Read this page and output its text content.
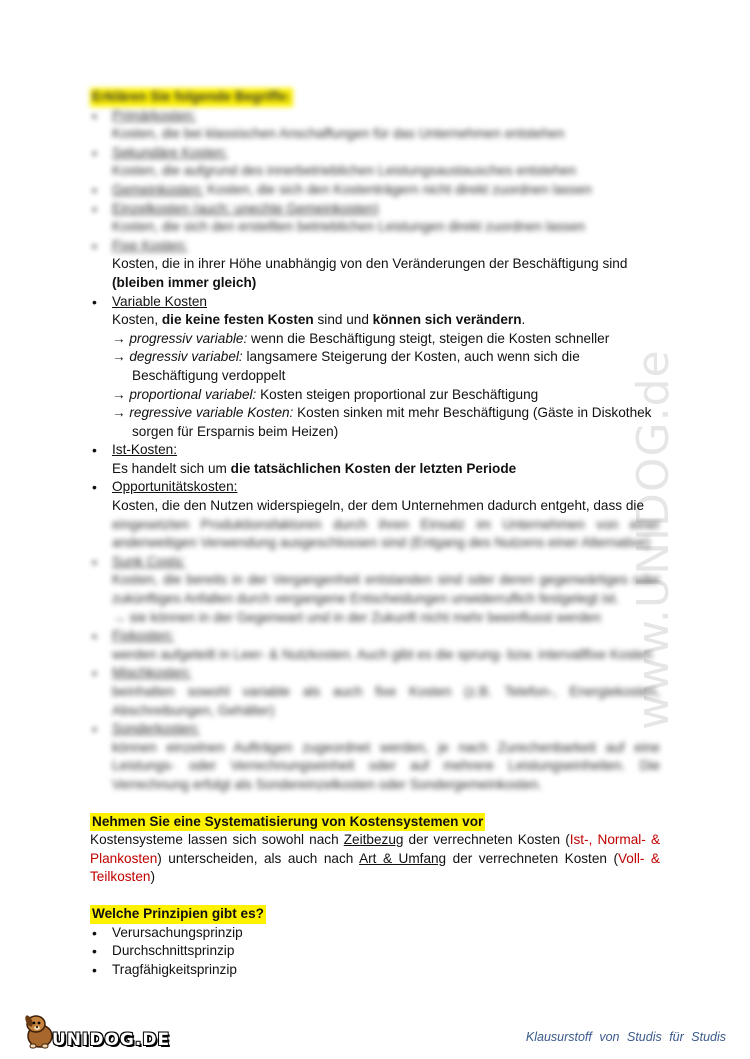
www.UNIDOG.de
Erklären Sie folgende Begriffe:
• Primärkosten:
Kosten, die bei klassischen Anschaffungen für das Unternehmen entstehen
• Sekundäre Kosten:
Kosten, die aufgrund des innerbetrieblichen Leistungsaustausches entstehen
• Gemeinkosten: Kosten, die sich den Kostenträgern nicht direkt zuordnen lassen
• Einzelkosten (auch: unechte Gemeinkosten)
Kosten, die sich den erstellten betrieblichen Leistungen direkt zuordnen lassen
• Fixe Kosten:
Kosten, die in ihrer Höhe unabhängig von den Veränderungen der Beschäftigung sind
(bleiben immer gleich)
• Variable Kosten
Kosten, die keine festen Kosten sind und können sich verändern.
→ progressiv variable: wenn die Beschäftigung steigt, steigen die Kosten schneller
→ degressiv variabel: langsamere Steigerung der Kosten, auch wenn sich die
Beschäftigung verdoppelt
→ proportional variabel: Kosten steigen proportional zur Beschäftigung
→ regressive variable Kosten: Kosten sinken mit mehr Beschäftigung (Gäste in Diskothek
sorgen für Ersparnis beim Heizen)
• Ist-Kosten:
Es handelt sich um die tatsächlichen Kosten der letzten Periode
• Opportunitätskosten:

Kosten, die den Nutzen widerspiegeln, der dem Unternehmen dadurch entgeht, dass die
eingesetzten Produktionsfaktoren durch ihren Einsatz im Unternehmen von einer anderweitigen Verwendung ausgeschlossen sind (Entgang des Nutzens einer Alternative)
• Sunk Costs:

Kosten, die bereits in der Vergangenheit entstanden sind oder deren gegenwärtiges oder zukünftiges Anfallen durch vergangene Entscheidungen unwiderruflich festgelegt ist.
→ sie können in der Gegenwart und in der Zukunft nicht mehr beeinflusst werden
• Fixkosten:

werden aufgeteilt in Leer- & Nutzkosten. Auch gibt es die sprung- bzw. intervallfixe Kosten
• Mischkosten:

beinhalten sowohl variable als auch fixe Kosten (z.B. Telefon-, Energiekosten, Abschreibungen, Gehälter)
• Sonderkosten:

können einzelnen Aufträgen zugeordnet werden, je nach Zurechenbarkeit auf eine Leistungs- oder Verrechnungseinheit oder auf mehrere Leistungseinheiten. Die Verrechnung erfolgt als Sondereinzelkosten oder Sondergemeinkosten.
Nehmen Sie eine Systematisierung von Kostensystemen vor
Kostensysteme lassen sich sowohl nach Zeitbezug der verrechneten Kosten (Ist-, Normal- & Plankosten) unterscheiden, als auch nach Art & Umfang der verrechneten Kosten (Voll- & Teilkosten)
Welche Prinzipien gibt es?
• Verursachungsprinzip
• Durchschnittsprinzip
• Tragfähigkeitsprinzip
UNIDOG.DE	Klausurstoff von Studis für Studis
